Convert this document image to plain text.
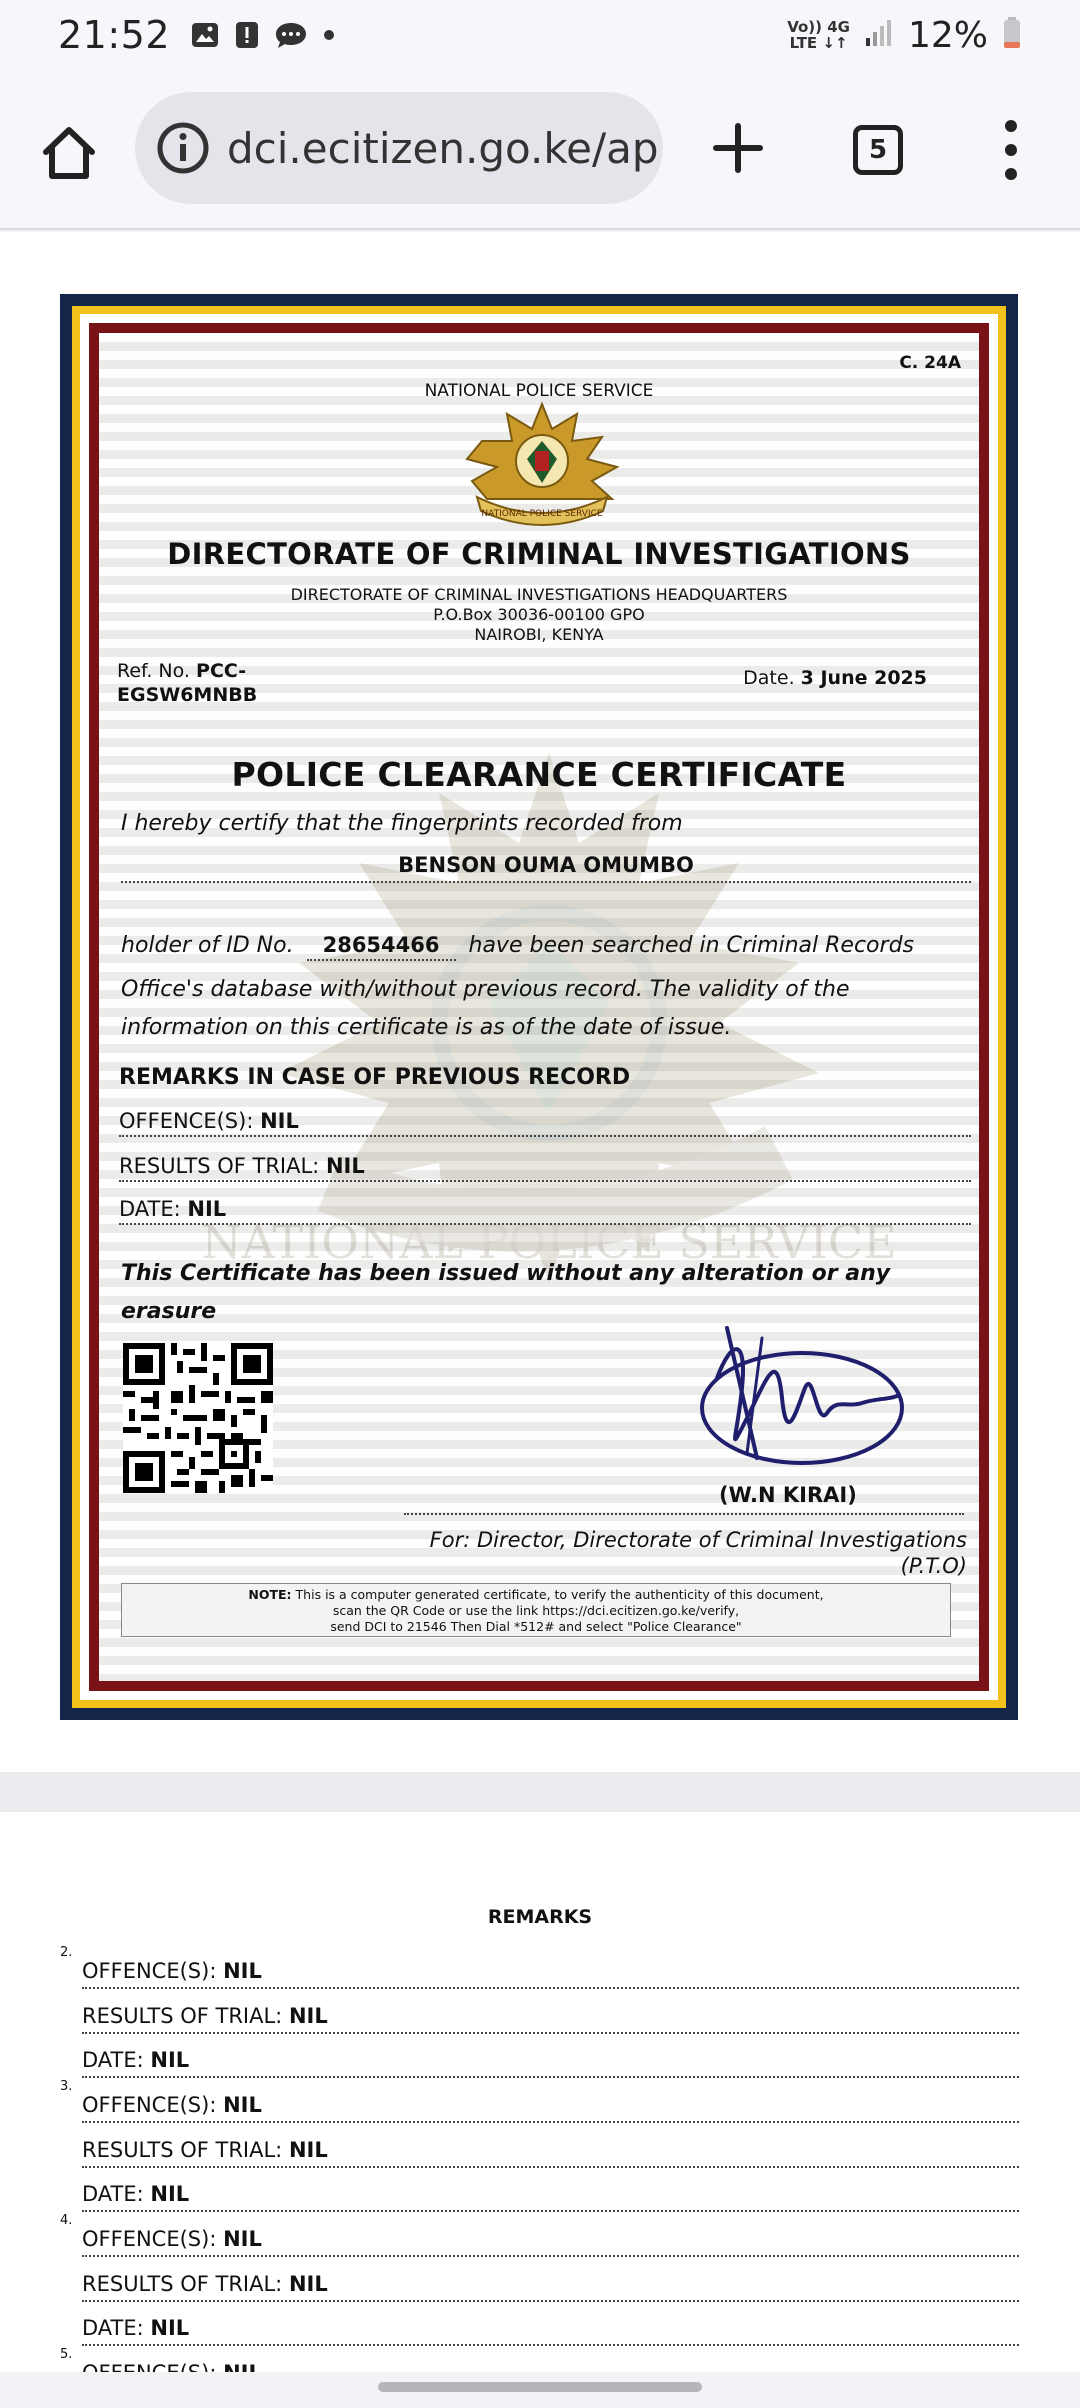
21:52	Vo)) 4G
LTE ↓↑ 12%
dci.ecitizen.go.ke/ap	5
NATIONAL POLICE SERVICE
C. 24A
NATIONAL POLICE SERVICE
NATIONAL POLICE SERVICE
DIRECTORATE OF CRIMINAL INVESTIGATIONS
DIRECTORATE OF CRIMINAL INVESTIGATIONS HEADQUARTERS
P.O.Box 30036-00100 GPO
NAIROBI, KENYA
Ref. No. PCC-
EGSW6MNBB
Date. 3 June 2025
POLICE CLEARANCE CERTIFICATE
I hereby certify that the fingerprints recorded from
BENSON OUMA OMUMBO
holder of ID No. 28654466 have been searched in Criminal Records
Office's database with/without previous record. The validity of the information on this certificate is as of the date of issue.
REMARKS IN CASE OF PREVIOUS RECORD
OFFENCE(S): NIL
RESULTS OF TRIAL: NIL
DATE: NIL
This Certificate has been issued without any alteration or any erasure
(W.N KIRAI)
For: Director, Directorate of Criminal Investigations
(P.T.O)
NOTE: This is a computer generated certificate, to verify the authenticity of this document,
scan the QR Code or use the link https://dci.ecitizen.go.ke/verify,
send DCI to 21546 Then Dial *512# and select "Police Clearance"
REMARKS
2.
OFFENCE(S): NIL
RESULTS OF TRIAL: NIL
DATE: NIL
3.
OFFENCE(S): NIL
RESULTS OF TRIAL: NIL
DATE: NIL
4.
OFFENCE(S): NIL
RESULTS OF TRIAL: NIL
DATE: NIL
5.
